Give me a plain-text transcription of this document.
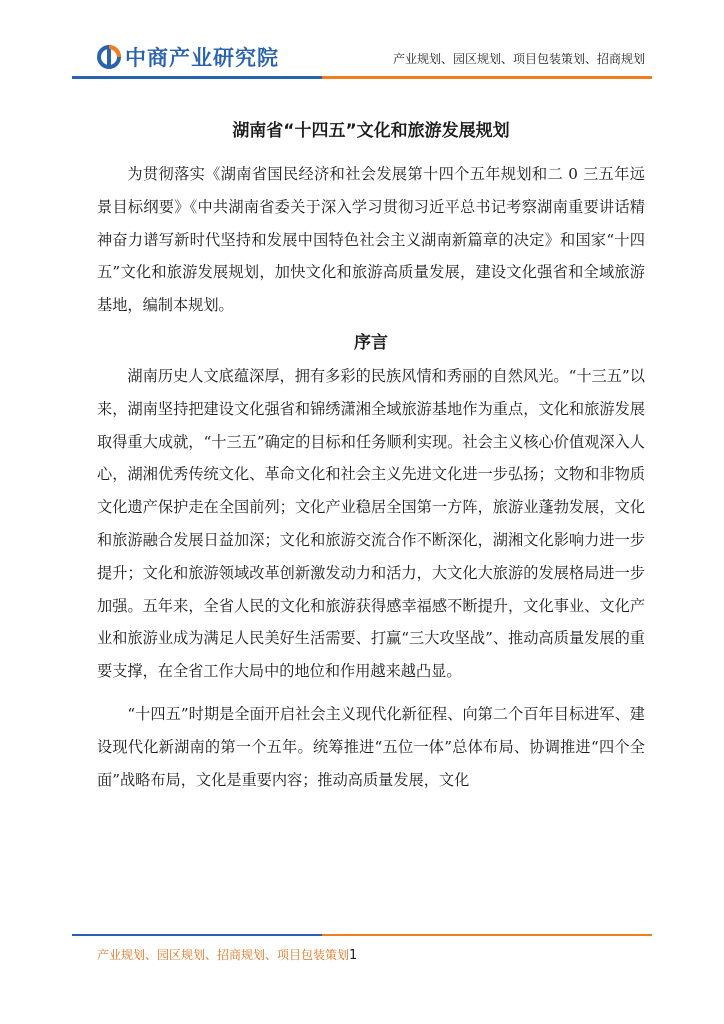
中商产业研究院	产业规划、园区规划、项目包装策划、招商规划
湖南省“十四五”文化和旅游发展规划

为贯彻落实《湖南省国民经济和社会发展第十四个五年规划和二 0 三五年远景目标纲要》《中共湖南省委关于深入学习贯彻习近平总书记考察湖南重要讲话精神奋力谱写新时代坚持和发展中国特色社会主义湖南新篇章的决定》和国家“十四五”文化和旅游发展规划，加快文化和旅游高质量发展，建设文化强省和全域旅游基地，编制本规划。

序言

湖南历史人文底蕴深厚，拥有多彩的民族风情和秀丽的自然风光。“十三五”以来，湖南坚持把建设文化强省和锦绣潇湘全域旅游基地作为重点，文化和旅游发展取得重大成就，“十三五”确定的目标和任务顺利实现。社会主义核心价值观深入人心，湖湘优秀传统文化、革命文化和社会主义先进文化进一步弘扬；文物和非物质文化遗产保护走在全国前列；文化产业稳居全国第一方阵，旅游业蓬勃发展，文化和旅游融合发展日益加深；文化和旅游交流合作不断深化，湖湘文化影响力进一步提升；文化和旅游领域改革创新激发动力和活力，大文化大旅游的发展格局进一步加强。五年来，全省人民的文化和旅游获得感幸福感不断提升，文化事业、文化产业和旅游业成为满足人民美好生活需要、打赢“三大攻坚战”、推动高质量发展的重要支撑，在全省工作大局中的地位和作用越来越凸显。

“十四五”时期是全面开启社会主义现代化新征程、向第二个百年目标进军、建设现代化新湖南的第一个五年。统筹推进“五位一体”总体布局、协调推进“四个全面”战略布局，文化是重要内容；推动高质量发展，文化

产业规划、园区规划、招商规划、项目包装策划1
